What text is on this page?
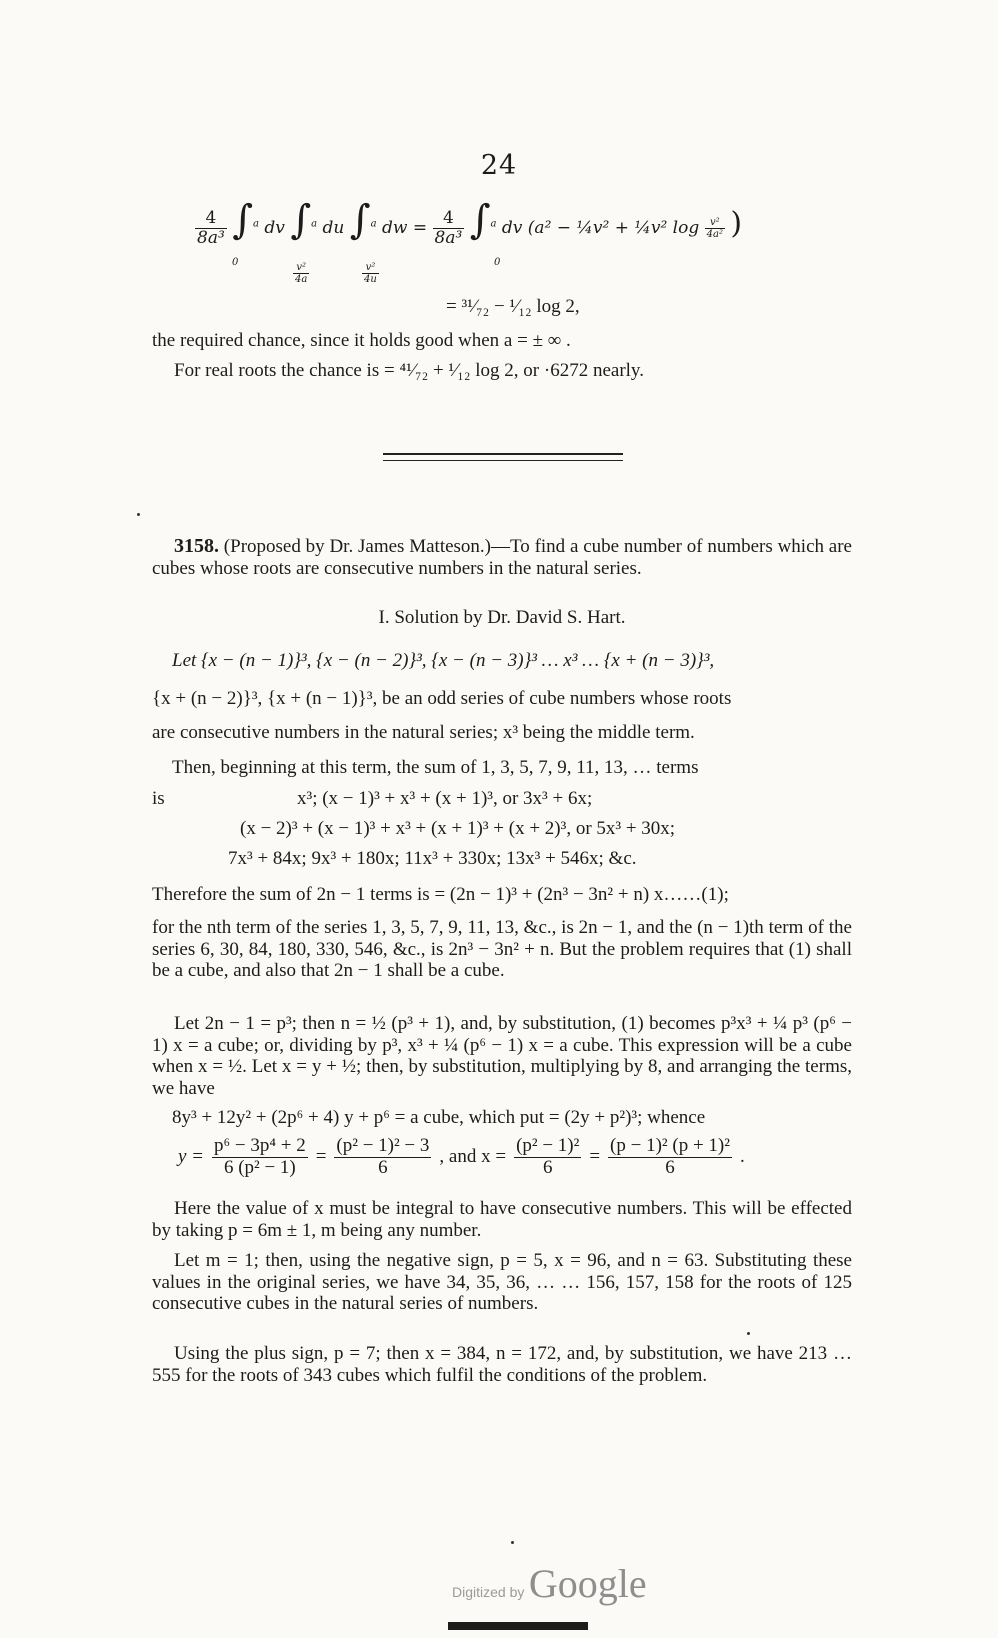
24
$\frac{4}{\text{8a³}} \int^a$ dv ∫$^a$ du ∫$^a$ dw = $\frac{4}{\text{8a³}} \int^a$ dv (a² − ¼v² + ¼v² $\log \frac{\text{v²}}{\text{4a²}}$ )
0	$\frac{\text{v²}}{4a}$	$\frac{\text{v²}}{4u}$	0
= ³¹⁄₇₂ − ¹⁄₁₂ log 2,
the required chance, since it holds good when a = ± ∞ .
For real roots the chance is = ⁴¹⁄₇₂ + ¹⁄₁₂ log 2, or ·6272 nearly.
3158. (Proposed by Dr. James Matteson.)—To find a cube number of numbers which are cubes whose roots are consecutive numbers in the natural series.
I. Solution by Dr. David S. Hart.
Let {x − (n − 1)}³, {x − (n − 2)}³, {x − (n − 3)}³ … x³ … {x + (n − 3)}³,
{x + (n − 2)}³, {x + (n − 1)}³, be an odd series of cube numbers whose roots
are consecutive numbers in the natural series; x³ being the middle term.
Then, beginning at this term, the sum of 1, 3, 5, 7, 9, 11, 13, … terms
is	x³; (x − 1)³ + x³ + (x + 1)³, or 3x³ + 6x;
(x − 2)³ + (x − 1)³ + x³ + (x + 1)³ + (x + 2)³, or 5x³ + 30x;
7x³ + 84x; 9x³ + 180x; 11x³ + 330x; 13x³ + 546x; &c.
Therefore the sum of 2n − 1 terms is = (2n − 1)³ + (2n³ − 3n² + n) x……(1);
for the nth term of the series 1, 3, 5, 7, 9, 11, 13, &c., is 2n − 1, and the (n − 1)th term of the series 6, 30, 84, 180, 330, 546, &c., is 2n³ − 3n² + n. But the problem requires that (1) shall be a cube, and also that 2n − 1 shall be a cube.
Let 2n − 1 = p³; then n = ½ (p³ + 1), and, by substitution, (1) becomes p³x³ + ¼ p³ (p⁶ − 1) x = a cube; or, dividing by p³, x³ + ¼ (p⁶ − 1) x = a cube. This expression will be a cube when x = ½. Let x = y + ½; then, by substitution, multiplying by 8, and arranging the terms, we have
8y³ + 12y² + (2p⁶ + 4) y + p⁶ = a cube, which put = (2y + p²)³; whence
$y = \frac{\text{p⁶ − 3p⁴ + 2}}{\text{6 (p² − 1)}} = \frac{\text{(p² − 1)² − 3}}{6}$ , and $x = \frac{\text{(p² − 1)²}}{6} = \frac{\text{(p − 1)² (p + 1)²}}{6}$ .
Here the value of x must be integral to have consecutive numbers. This will be effected by taking p = 6m ± 1, m being any number.
Let m = 1; then, using the negative sign, p = 5, x = 96, and n = 63. Substituting these values in the original series, we have 34, 35, 36, … … 156, 157, 158 for the roots of 125 consecutive cubes in the natural series of numbers.
Using the plus sign, p = 7; then x = 384, n = 172, and, by substitution, we have 213 … 555 for the roots of 343 cubes which fulfil the conditions of the problem.
Digitized by Google
